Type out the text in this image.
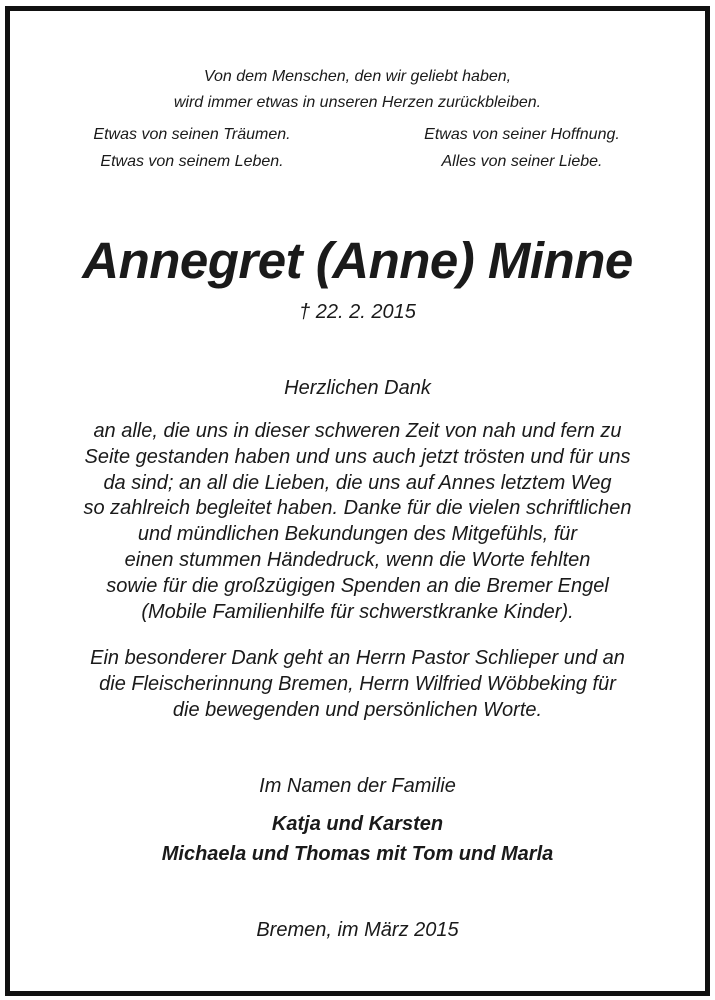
Von dem Menschen, den wir geliebt haben,
wird immer etwas in unseren Herzen zurückbleiben.
Etwas von seinen Träumen.
Etwas von seinem Leben.
Etwas von seiner Hoffnung.
Alles von seiner Liebe.
Annegret (Anne) Minne
† 22. 2. 2015
Herzlichen Dank
an alle, die uns in dieser schweren Zeit von nah und fern zu
Seite gestanden haben und uns auch jetzt trösten und für uns
da sind; an all die Lieben, die uns auf Annes letztem Weg
so zahlreich begleitet haben. Danke für die vielen schriftlichen
und mündlichen Bekundungen des Mitgefühls, für
einen stummen Händedruck, wenn die Worte fehlten
sowie für die großzügigen Spenden an die Bremer Engel
(Mobile Familienhilfe für schwerstkranke Kinder).
Ein besonderer Dank geht an Herrn Pastor Schlieper und an
die Fleischerinnung Bremen, Herrn Wilfried Wöbbeking für
die bewegenden und persönlichen Worte.
Im Namen der Familie
Katja und Karsten
Michaela und Thomas mit Tom und Marla
Bremen, im März 2015
